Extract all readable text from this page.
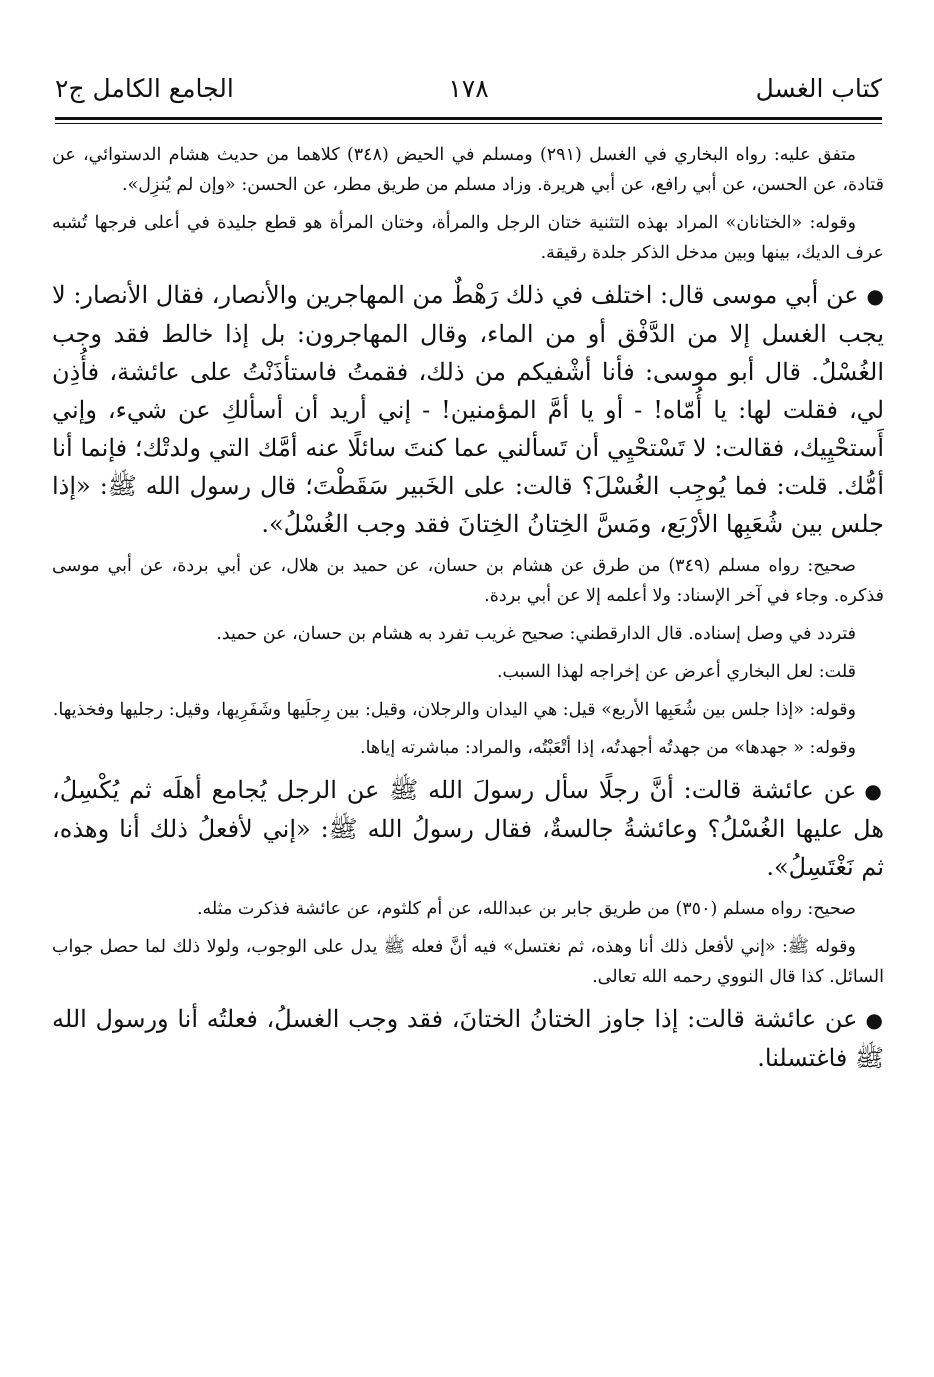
كتاب الغسل
١٧٨
الجامع الكامل ج٢

متفق عليه: رواه البخاري في الغسل (٢٩١) ومسلم في الحيض (٣٤٨) كلاهما من حديث هشام الدستوائي، عن قتادة، عن الحسن، عن أبي رافع، عن أبي هريرة. وزاد مسلم من طريق مطر، عن الحسن: «وإن لم يُنزِل».

وقوله: «الختانان» المراد بهذه التثنية ختان الرجل والمرأة، وختان المرأة هو قطع جليدة في أعلى فرجها تُشبه عرف الديك، بينها وبين مدخل الذكر جلدة رقيقة.

●عن أبي موسى قال: اختلف في ذلك رَهْطٌ من المهاجرين والأنصار، فقال الأنصار: لا يجب الغسل إلا من الدَّفْق أو من الماء، وقال المهاجرون: بل إذا خالط فقد وجب الغُسْلُ. قال أبو موسى: فأنا أشْفيكم من ذلك، فقمتُ فاستأذَنْتُ على عائشة، فأُذِن لي، فقلت لها: يا أُمّاه! - أو يا أمَّ المؤمنين! - إني أريد أن أسألكِ عن شيء، وإني أَستحْيِيك، فقالت: لا تَسْتحْيِي أن تَسألني عما كنتَ سائلًا عنه أمَّك التي ولدتْك؛ فإنما أنا أمُّك. قلت: فما يُوجِب الغُسْلَ؟ قالت: على الخَبير سَقَطْتَ؛ قال رسول الله ﷺ: «إذا جلس بين شُعَبِها الأرْبَع، ومَسَّ الخِتانُ الخِتانَ فقد وجب الغُسْلُ».

صحيح: رواه مسلم (٣٤٩) من طرق عن هشام بن حسان، عن حميد بن هلال، عن أبي بردة، عن أبي موسى فذكره. وجاء في آخر الإسناد: ولا أعلمه إلا عن أبي بردة.

فتردد في وصل إسناده. قال الدارقطني: صحيح غريب تفرد به هشام بن حسان، عن حميد.

قلت: لعل البخاري أعرض عن إخراجه لهذا السبب.

وقوله: «إذا جلس بين شُعَبِها الأربع» قيل: هي اليدان والرجلان، وقيل: بين رِجلَيها وشَفَرِيها، وقيل: رجليها وفخذيها.

وقوله: « جهدها» من جهدتُه أجهدتُه، إذا أتْعَبْتُه، والمراد: مباشرته إياها.

●عن عائشة قالت: أنَّ رجلًا سأل رسولَ الله ﷺ عن الرجل يُجامع أهلَه ثم يُكْسِلُ، هل عليها الغُسْلُ؟ وعائشةُ جالسةٌ، فقال رسولُ الله ﷺ: «إني لأفعلُ ذلك أنا وهذه، ثم نَغْتَسِلُ».

صحيح: رواه مسلم (٣٥٠) من طريق جابر بن عبدالله، عن أم كلثوم، عن عائشة فذكرت مثله.

وقوله ﷺ: «إني لأفعل ذلك أنا وهذه، ثم نغتسل» فيه أنَّ فعله ﷺ يدل على الوجوب، ولولا ذلك لما حصل جواب السائل. كذا قال النووي رحمه الله تعالى.

●عن عائشة قالت: إذا جاوز الختانُ الختانَ، فقد وجب الغسلُ، فعلتُه أنا ورسول الله ﷺ فاغتسلنا.
